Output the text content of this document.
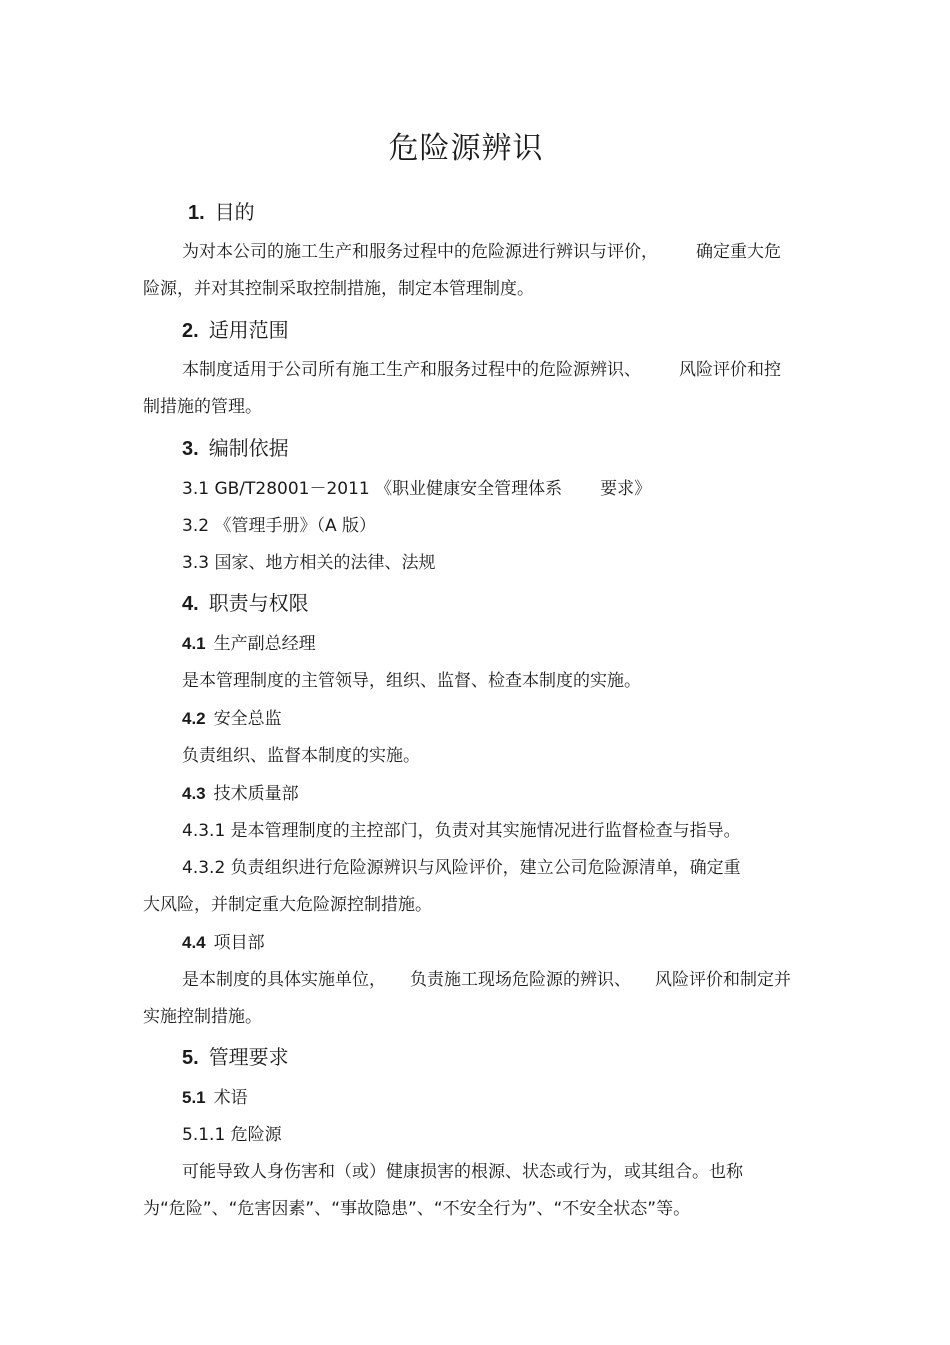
危险源辨识
1. 目的
为对本公司的施工生产和服务过程中的危险源进行辨识与评价， 确定重大危
险源，并对其控制采取控制措施，制定本管理制度。
2. 适用范围
本制度适用于公司所有施工生产和服务过程中的危险源辨识、 风险评价和控
制措施的管理。
3. 编制依据
3.1 GB/T28001－2011 《职业健康安全管理体系 要求》
3.2 《管理手册》（A 版）
3.3 国家、地方相关的法律、法规
4. 职责与权限
4.1 生产副总经理
是本管理制度的主管领导，组织、监督、检查本制度的实施。
4.2 安全总监
负责组织、监督本制度的实施。
4.3 技术质量部
4.3.1 是本管理制度的主控部门，负责对其实施情况进行监督检查与指导。
4.3.2 负责组织进行危险源辨识与风险评价，建立公司危险源清单，确定重
大风险，并制定重大危险源控制措施。
4.4 项目部
是本制度的具体实施单位， 负责施工现场危险源的辨识、 风险评价和制定并
实施控制措施。
5. 管理要求
5.1 术语
5.1.1 危险源
可能导致人身伤害和（或）健康损害的根源、状态或行为，或其组合。也称
为“危险”、“危害因素”、“事故隐患”、“不安全行为”、“不安全状态”等。
